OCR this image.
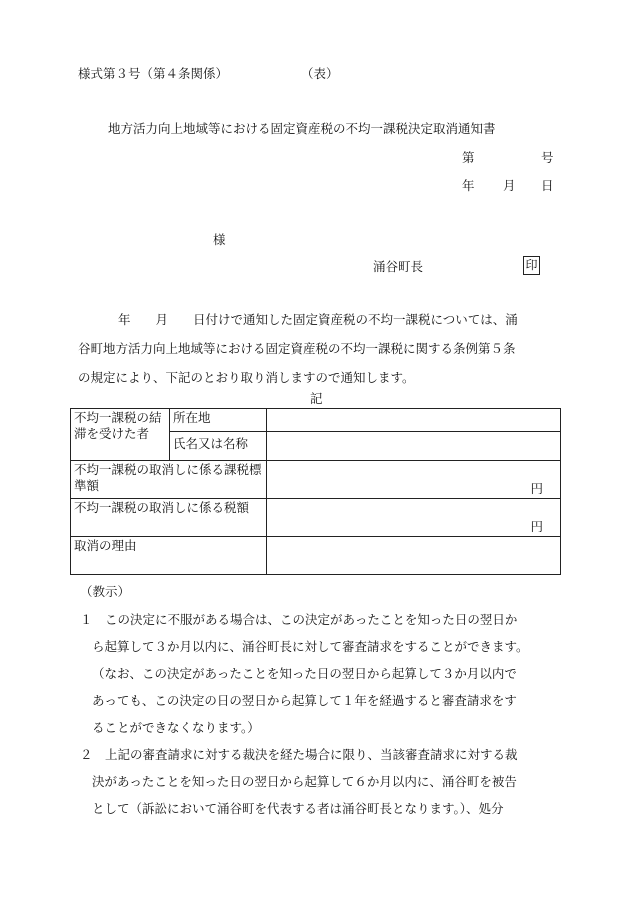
様式第３号（第４条関係）	（表）
地方活力向上地域等における固定資産税の不均一課税決定取消通知書
第	号
年 月 日
様
涌谷町長	印
年　　月　　日付けで通知した固定資産税の不均一課税については、涌
谷町地方活力向上地域等における固定資産税の不均一課税に関する条例第５条
の規定により、下記のとおり取り消しますので通知します。
記
不均一課税の結滞を受けた者	所在地	
	氏名又は名称	
不均一課税の取消しに係る課税標準額		円

不均一課税の取消しに係る税額		円

取消の理由		
（教示）
１　この決定に不服がある場合は、この決定があったことを知った日の翌日か
ら起算して３か月以内に、涌谷町長に対して審査請求をすることができます。
（なお、この決定があったことを知った日の翌日から起算して３か月以内で
あっても、この決定の日の翌日から起算して１年を経過すると審査請求をす
ることができなくなります。）
２　上記の審査請求に対する裁決を経た場合に限り、当該審査請求に対する裁
決があったことを知った日の翌日から起算して６か月以内に、涌谷町を被告
として（訴訟において涌谷町を代表する者は涌谷町長となります。）、処分
